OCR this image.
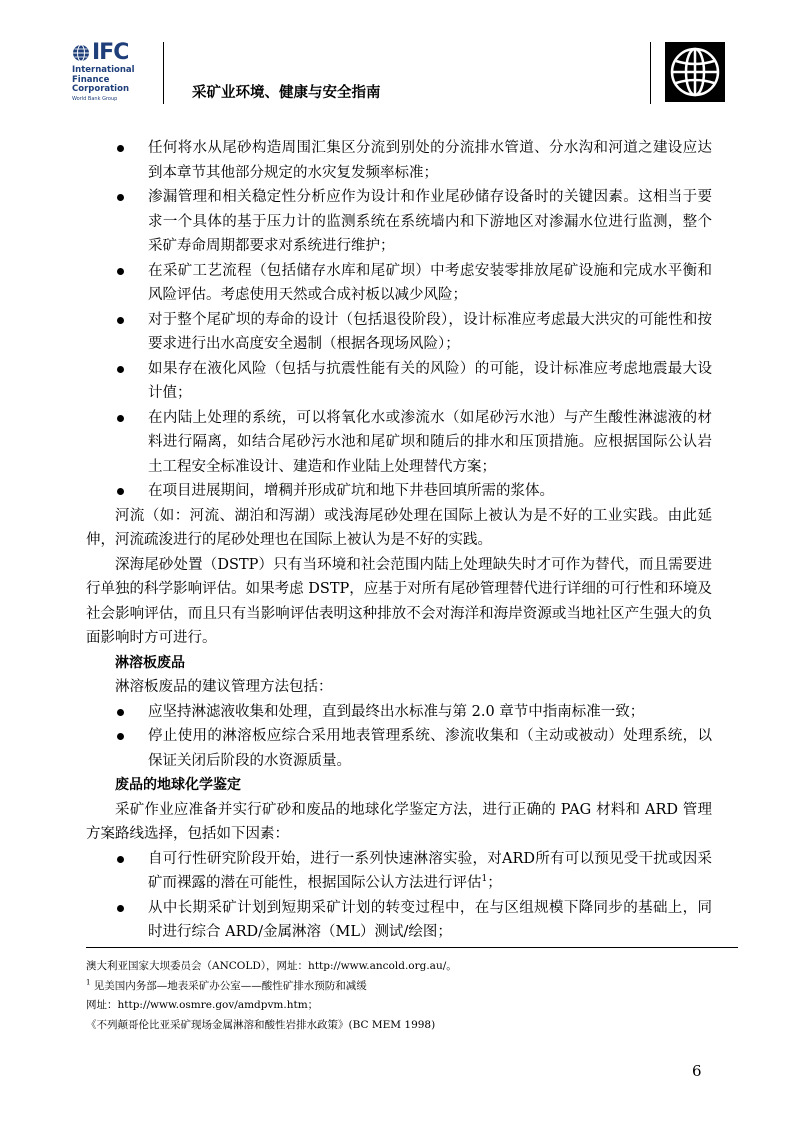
IFC
International
Finance
Corporation
World Bank Group	采矿业环境、健康与安全指南
任何将水从尾砂构造周围汇集区分流到别处的分流排水管道、分水沟和河道之建设应达到本章节其他部分规定的水灾复发频率标准；
渗漏管理和相关稳定性分析应作为设计和作业尾砂储存设备时的关键因素。这相当于要求一个具体的基于压力计的监测系统在系统墙内和下游地区对渗漏水位进行监测，整个采矿寿命周期都要求对系统进行维护；
在采矿工艺流程（包括储存水库和尾矿坝）中考虑安装零排放尾矿设施和完成水平衡和风险评估。考虑使用天然或合成衬板以减少风险；
对于整个尾矿坝的寿命的设计（包括退役阶段），设计标准应考虑最大洪灾的可能性和按要求进行出水高度安全遏制（根据各现场风险）；
如果存在液化风险（包括与抗震性能有关的风险）的可能，设计标准应考虑地震最大设计值；
在内陆上处理的系统，可以将氧化水或渗流水（如尾砂污水池）与产生酸性淋滤液的材料进行隔离，如结合尾砂污水池和尾矿坝和随后的排水和压顶措施。应根据国际公认岩土工程安全标准设计、建造和作业陆上处理替代方案；
在项目进展期间，增稠并形成矿坑和地下井巷回填所需的浆体。
河流（如：河流、湖泊和泻湖）或浅海尾砂处理在国际上被认为是不好的工业实践。由此延伸，河流疏浚进行的尾砂处理也在国际上被认为是不好的实践。
深海尾砂处置（DSTP）只有当环境和社会范围内陆上处理缺失时才可作为替代，而且需要进行单独的科学影响评估。如果考虑 DSTP，应基于对所有尾砂管理替代进行详细的可行性和环境及社会影响评估，而且只有当影响评估表明这种排放不会对海洋和海岸资源或当地社区产生强大的负面影响时方可进行。
淋溶板废品
淋溶板废品的建议管理方法包括：
应坚持淋滤液收集和处理，直到最终出水标准与第 2.0 章节中指南标准一致；
停止使用的淋溶板应综合采用地表管理系统、渗流收集和（主动或被动）处理系统，以保证关闭后阶段的水资源质量。
废品的地球化学鉴定
采矿作业应准备并实行矿砂和废品的地球化学鉴定方法，进行正确的 PAG 材料和 ARD 管理方案路线选择，包括如下因素：
自可行性研究阶段开始，进行一系列快速淋溶实验，对ARD所有可以预见受干扰或因采矿而裸露的潜在可能性，根据国际公认方法进行评估$^1$；
从中长期采矿计划到短期采矿计划的转变过程中，在与区组规模下降同步的基础上，同时进行综合 ARD/金属淋溶（ML）测试/绘图；
澳大利亚国家大坝委员会（ANCOLD），网址：http://www.ancold.org.au/。
$^1$ 见美国内务部—地表采矿办公室——酸性矿排水预防和减缓
网址：http://www.osmre.gov/amdpvm.htm；
《不列颠哥伦比亚采矿现场金属淋溶和酸性岩排水政策》(BC MEM 1998)
6
